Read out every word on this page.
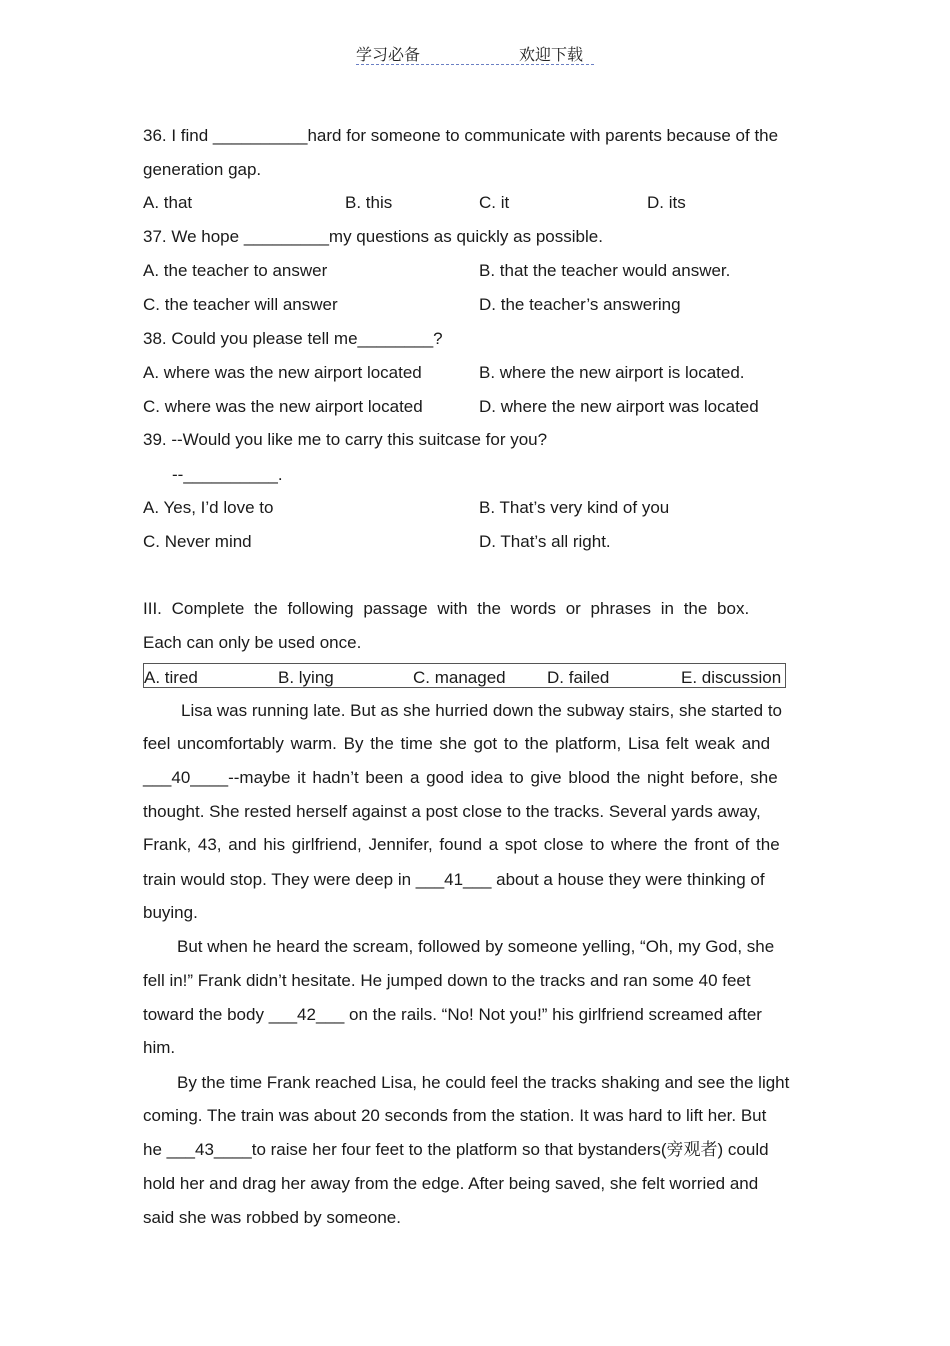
学习必备	欢迎下载
36. I find __________hard for someone to communicate with parents because of the
generation gap.
A. that	B. this	C. it	D. its
37. We hope _________my questions as quickly as possible.
A. the teacher to answer	B. that the teacher would answer.
C. the teacher will answer	D. the teacher’s answering
38. Could you please tell me________?
A. where was the new airport located	B. where the new airport is located.
C. where was the new airport located	D. where the new airport was located
39. --Would you like me to carry this suitcase for you?
--__________.
A. Yes, I’d love to	B. That’s very kind of you
C. Never mind	D. That’s all right.
III. Complete the following passage with the words or phrases in the box.
Each can only be used once.
A. tired	B. lying	C. managed D. failed	E. discussion
Lisa was running late. But as she hurried down the subway stairs, she started to
feel uncomfortably warm. By the time she got to the platform, Lisa felt weak and
___40____--maybe it hadn’t been a good idea to give blood the night before, she
thought. She rested herself against a post close to the tracks. Several yards away,
Frank, 43, and his girlfriend, Jennifer, found a spot close to where the front of the
train would stop. They were deep in ___41___ about a house they were thinking of
buying.
But when he heard the scream, followed by someone yelling, “Oh, my God, she
fell in!” Frank didn’t hesitate. He jumped down to the tracks and ran some 40 feet
toward the body ___42___ on the rails. “No! Not you!” his girlfriend screamed after
him.
By the time Frank reached Lisa, he could feel the tracks shaking and see the light
coming. The train was about 20 seconds from the station. It was hard to lift her. But
he ___43____to raise her four feet to the platform so that bystanders(旁观者) could
hold her and drag her away from the edge. After being saved, she felt worried and
said she was robbed by someone.
